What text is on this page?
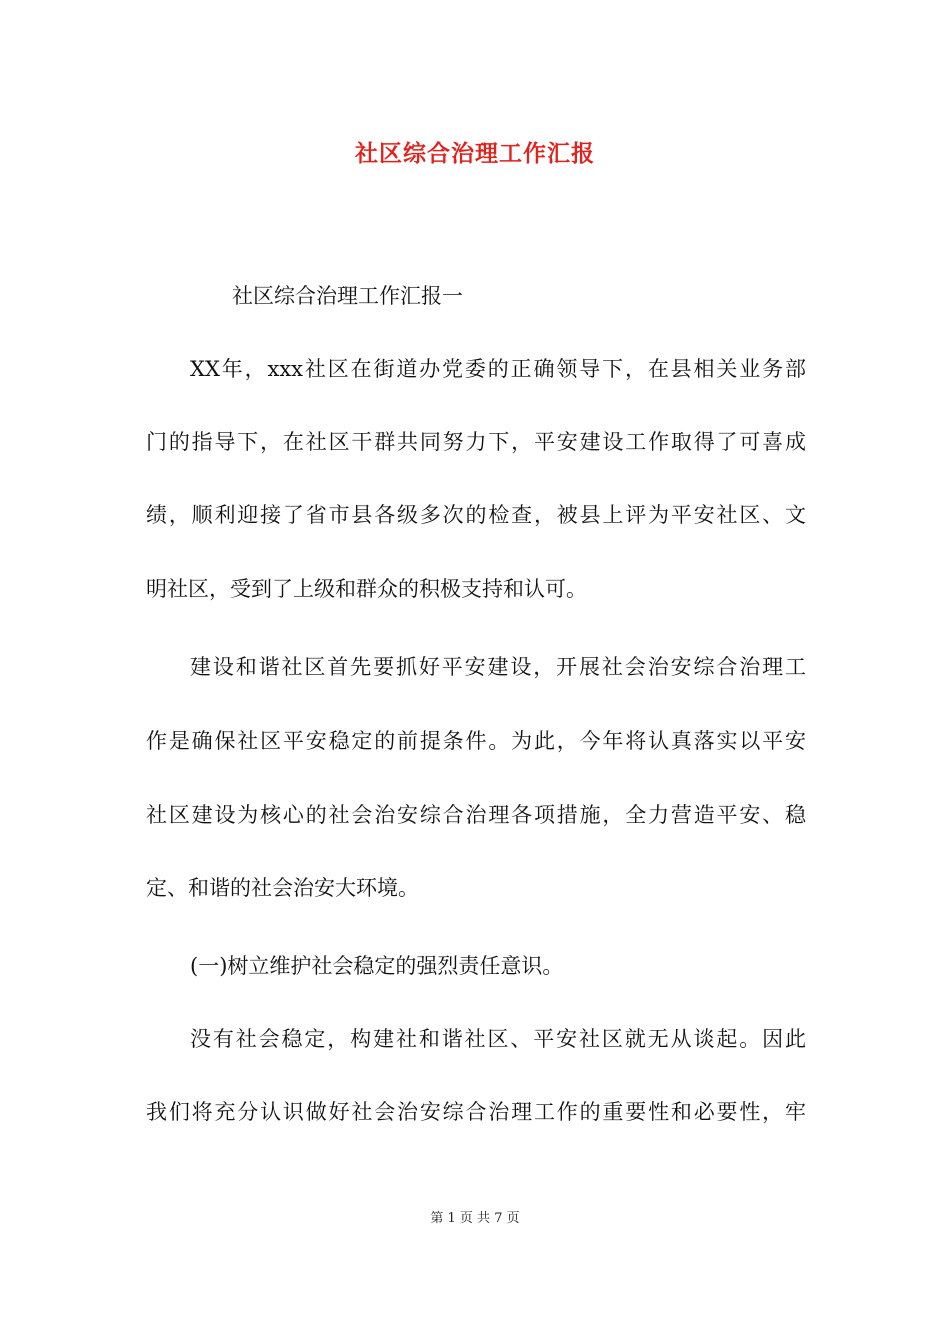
社区综合治理工作汇报
社区综合治理工作汇报一
XX年，xxx社区在街道办党委的正确领导下，在县相关业务部
门的指导下，在社区干群共同努力下，平安建设工作取得了可喜成
绩，顺利迎接了省市县各级多次的检查，被县上评为平安社区、文
明社区，受到了上级和群众的积极支持和认可。
建设和谐社区首先要抓好平安建设，开展社会治安综合治理工
作是确保社区平安稳定的前提条件。为此，今年将认真落实以平安
社区建设为核心的社会治安综合治理各项措施，全力营造平安、稳
定、和谐的社会治安大环境。
(一)树立维护社会稳定的强烈责任意识。
没有社会稳定，构建社和谐社区、平安社区就无从谈起。因此
我们将充分认识做好社会治安综合治理工作的重要性和必要性，牢
第 1 页 共 7 页
